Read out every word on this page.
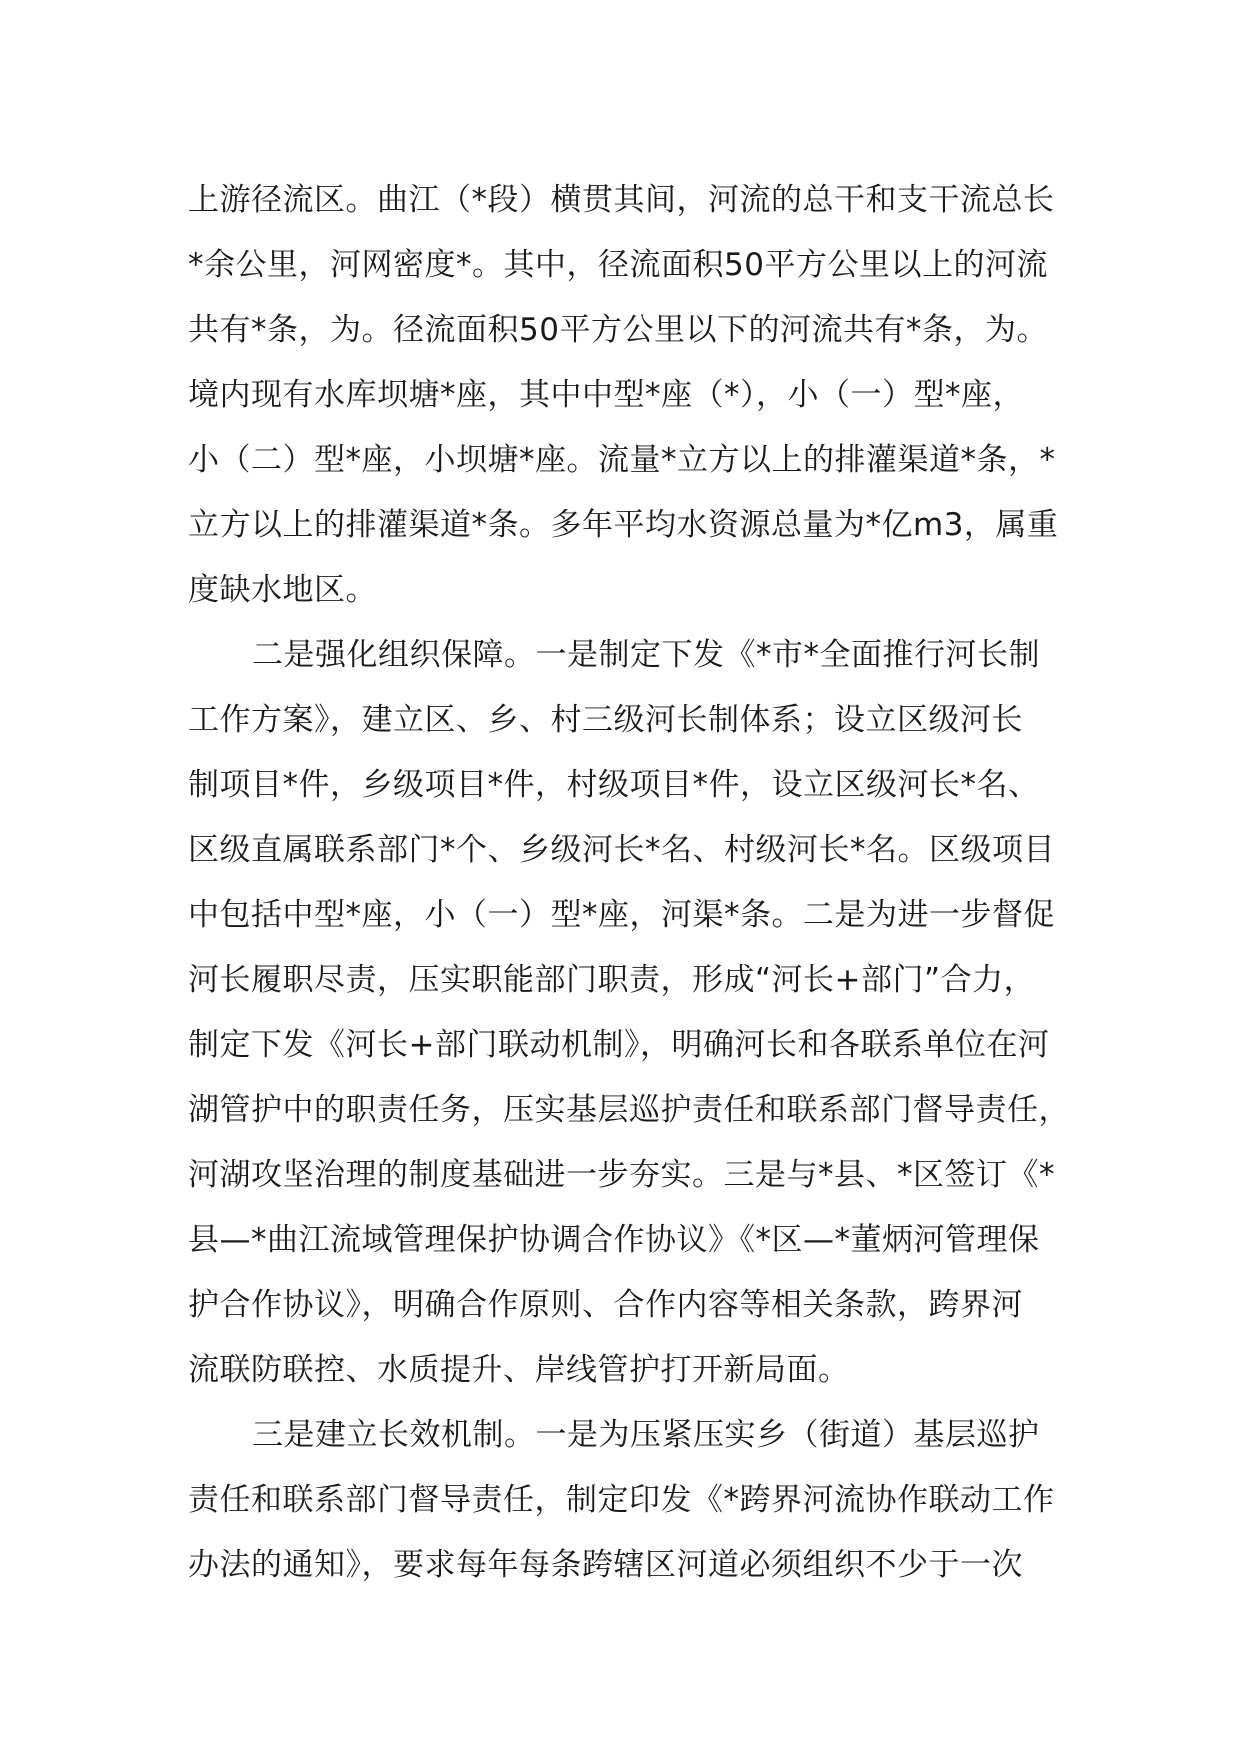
上游径流区。曲江（*段）横贯其间，河流的总干和支干流总长
*余公里，河网密度*。其中，径流面积50平方公里以上的河流
共有*条，为。径流面积50平方公里以下的河流共有*条，为。
境内现有水库坝塘*座，其中中型*座（*），小（一）型*座，
小（二）型*座，小坝塘*座。流量*立方以上的排灌渠道*条，*
立方以上的排灌渠道*条。多年平均水资源总量为*亿m3，属重
度缺水地区。
二是强化组织保障。一是制定下发《*市*全面推行河长制
工作方案》，建立区、乡、村三级河长制体系；设立区级河长
制项目*件，乡级项目*件，村级项目*件，设立区级河长*名、
区级直属联系部门*个、乡级河长*名、村级河长*名。区级项目
中包括中型*座，小（一）型*座，河渠*条。二是为进一步督促
河长履职尽责，压实职能部门职责，形成“河长+部门”合力，
制定下发《河长+部门联动机制》，明确河长和各联系单位在河
湖管护中的职责任务，压实基层巡护责任和联系部门督导责任，
河湖攻坚治理的制度基础进一步夯实。三是与*县、*区签订《*
县—*曲江流域管理保护协调合作协议》《*区—*董炳河管理保
护合作协议》，明确合作原则、合作内容等相关条款，跨界河
流联防联控、水质提升、岸线管护打开新局面。
三是建立长效机制。一是为压紧压实乡（街道）基层巡护
责任和联系部门督导责任，制定印发《*跨界河流协作联动工作
办法的通知》，要求每年每条跨辖区河道必须组织不少于一次
